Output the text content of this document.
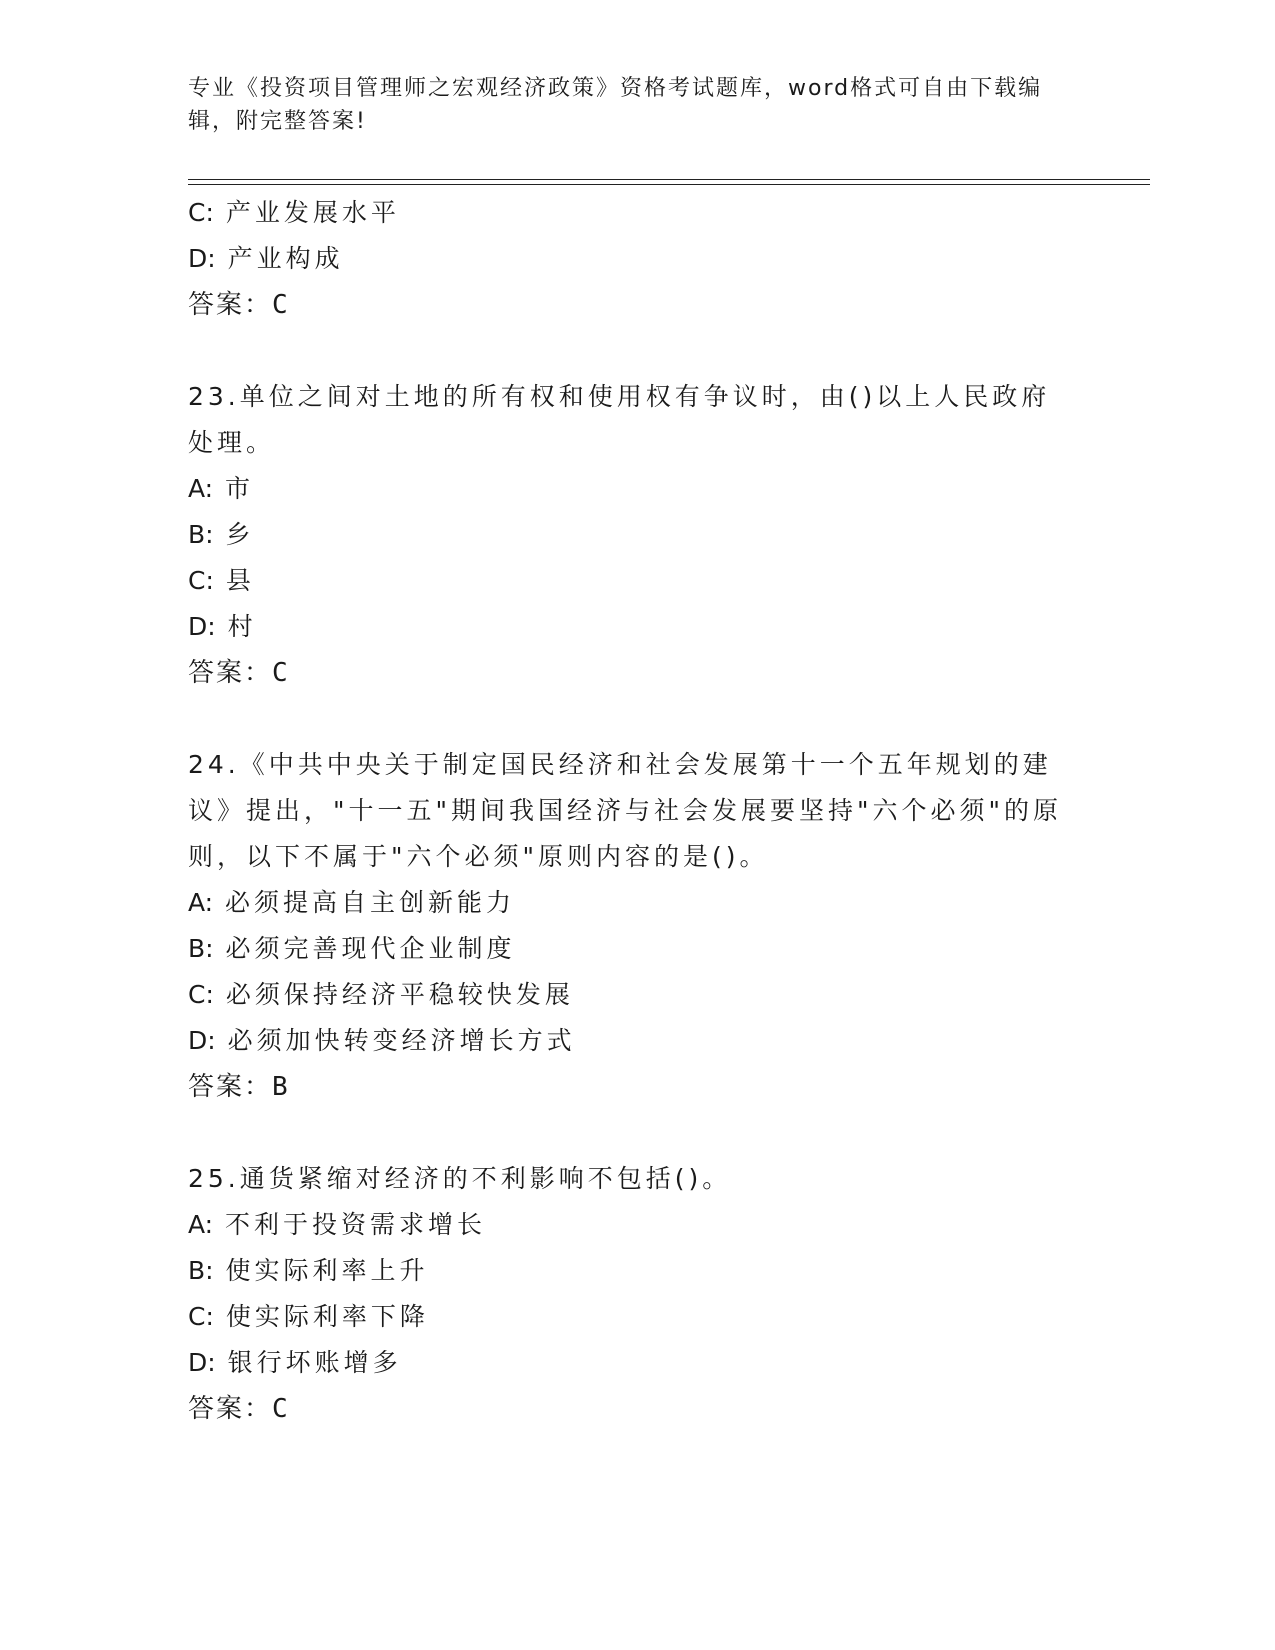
专业《投资项目管理师之宏观经济政策》资格考试题库，word格式可自由下载编辑，附完整答案!
C: 产业发展水平
D: 产业构成
答案：C
23.单位之间对土地的所有权和使用权有争议时，由()以上人民政府处理。
A: 市
B: 乡
C: 县
D: 村
答案：C
24.《中共中央关于制定国民经济和社会发展第十一个五年规划的建议》提出，"十一五"期间我国经济与社会发展要坚持"六个必须"的原则，以下不属于"六个必须"原则内容的是()。
A: 必须提高自主创新能力
B: 必须完善现代企业制度
C: 必须保持经济平稳较快发展
D: 必须加快转变经济增长方式
答案：B
25.通货紧缩对经济的不利影响不包括()。
A: 不利于投资需求增长
B: 使实际利率上升
C: 使实际利率下降
D: 银行坏账增多
答案：C
